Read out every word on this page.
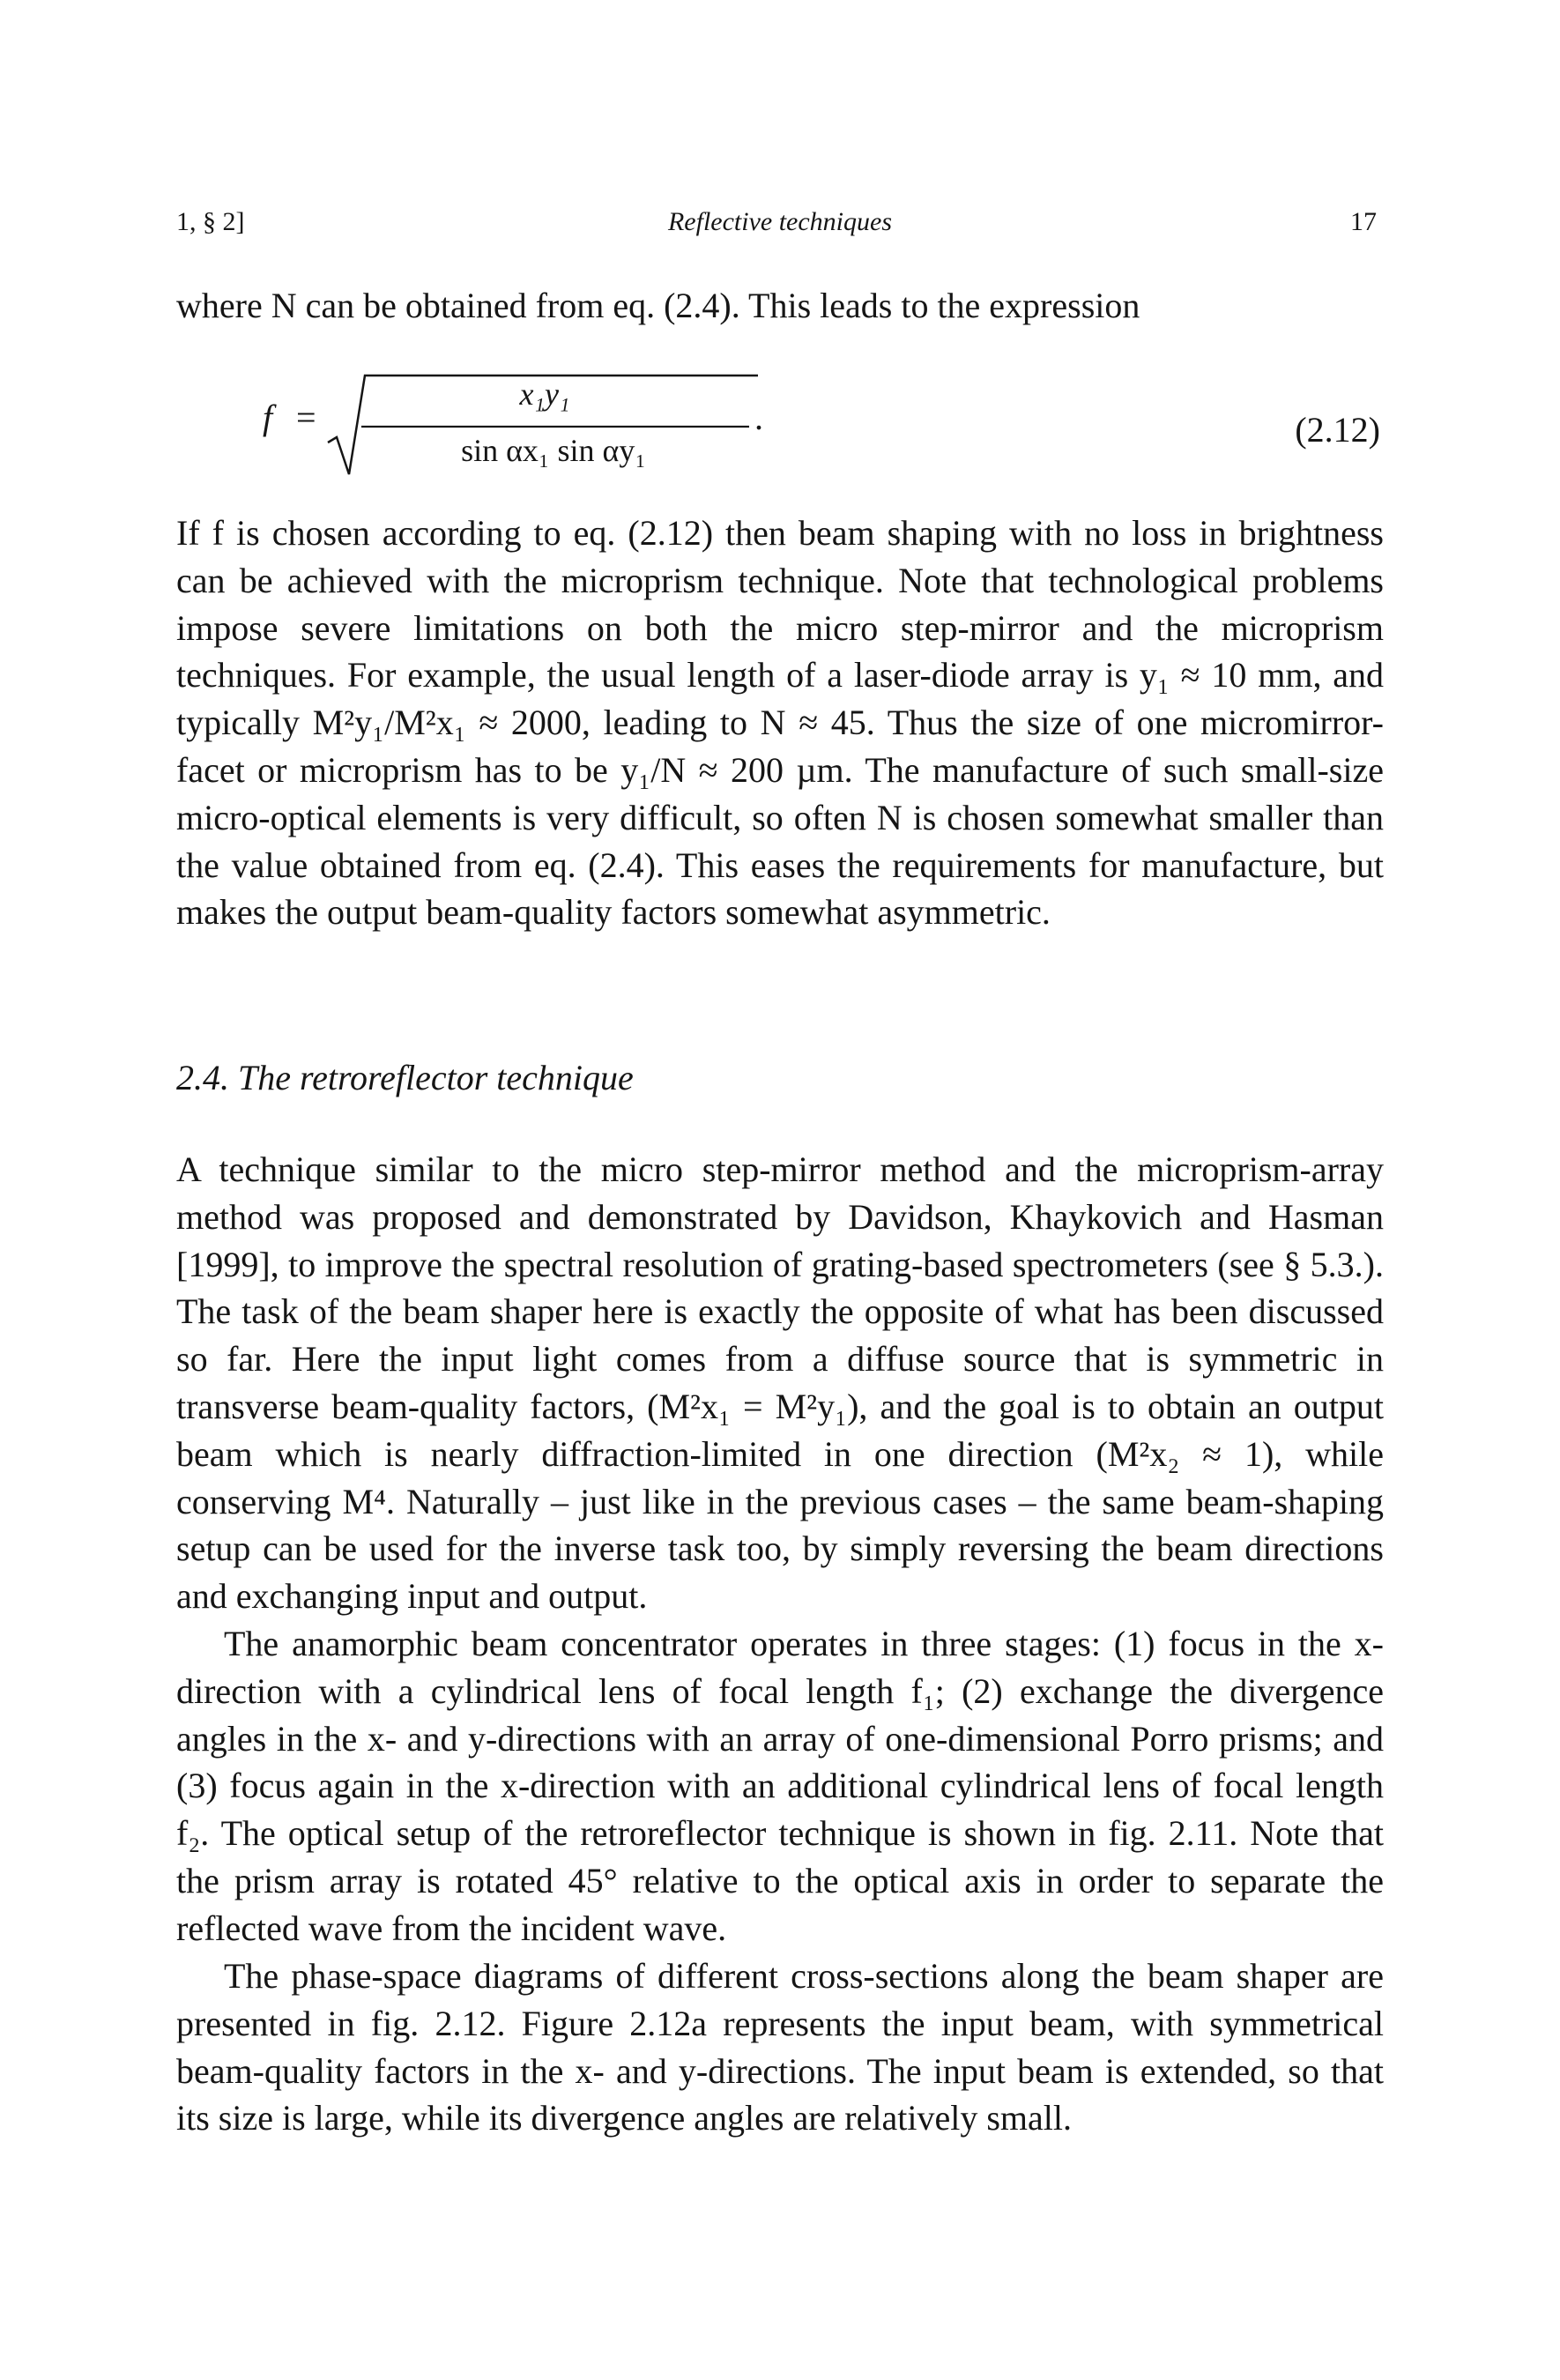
1, § 2]	Reflective techniques	17

where N can be obtained from eq. (2.4). This leads to the expression

f =
x₁y₁
sin αx₁ sin αy₁
.	(2.12)

If f is chosen according to eq. (2.12) then beam shaping with no loss in brightness can be achieved with the microprism technique. Note that technological problems impose severe limitations on both the micro step-mirror and the microprism techniques. For example, the usual length of a laser-diode array is y₁ ≈ 10 mm, and typically M²y₁/M²x₁ ≈ 2000, leading to N ≈ 45. Thus the size of one micromirror-facet or microprism has to be y₁/N ≈ 200 µm. The manufacture of such small-size micro-optical elements is very difficult, so often N is chosen somewhat smaller than the value obtained from eq. (2.4). This eases the requirements for manufacture, but makes the output beam-quality factors somewhat asymmetric.

2.4. The retroreflector technique

A technique similar to the micro step-mirror method and the microprism-array method was proposed and demonstrated by Davidson, Khaykovich and Hasman [1999], to improve the spectral resolution of grating-based spectrometers (see § 5.3.). The task of the beam shaper here is exactly the opposite of what has been discussed so far. Here the input light comes from a diffuse source that is symmetric in transverse beam-quality factors, (M²x₁ = M²y₁), and the goal is to obtain an output beam which is nearly diffraction-limited in one direction (M²x₂ ≈ 1), while conserving M⁴. Naturally – just like in the previous cases – the same beam-shaping setup can be used for the inverse task too, by simply reversing the beam directions and exchanging input and output.

The anamorphic beam concentrator operates in three stages: (1) focus in the x-direction with a cylindrical lens of focal length f₁; (2) exchange the divergence angles in the x- and y-directions with an array of one-dimensional Porro prisms; and (3) focus again in the x-direction with an additional cylindrical lens of focal length f₂. The optical setup of the retroreflector technique is shown in fig. 2.11. Note that the prism array is rotated 45° relative to the optical axis in order to separate the reflected wave from the incident wave.

The phase-space diagrams of different cross-sections along the beam shaper are presented in fig. 2.12. Figure 2.12a represents the input beam, with symmetrical beam-quality factors in the x- and y-directions. The input beam is extended, so that its size is large, while its divergence angles are relatively small.
